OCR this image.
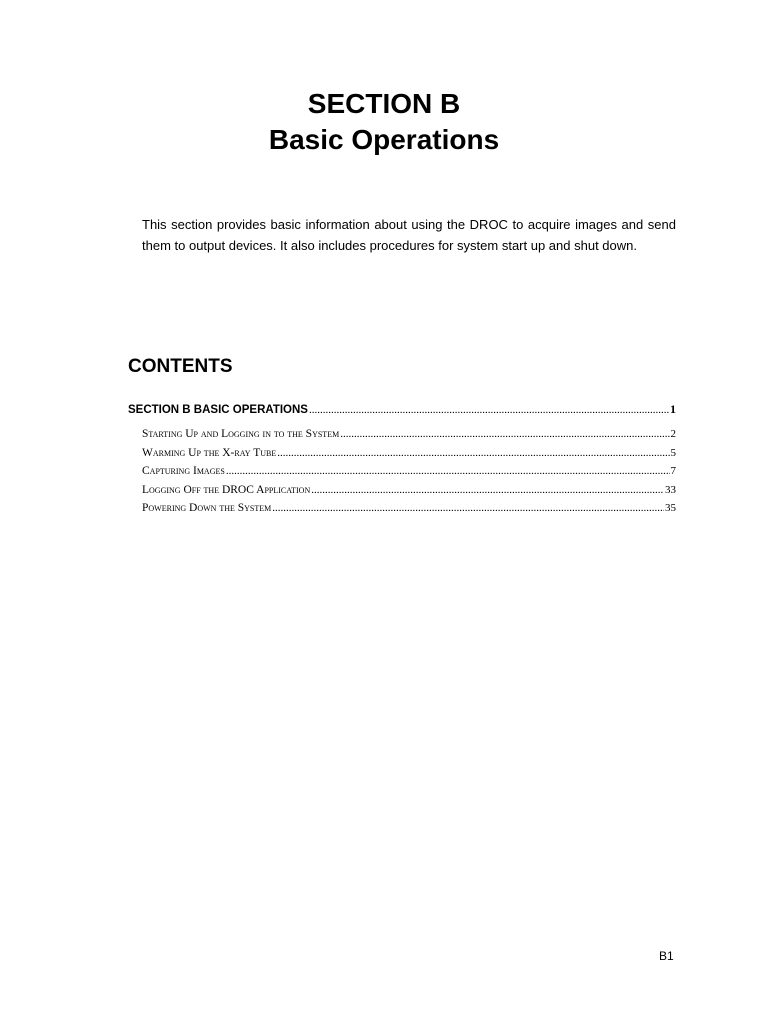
SECTION B
Basic Operations

This section provides basic information about using the DROC to acquire images and send them to output devices. It also includes procedures for system start up and shut down.

CONTENTS
SECTION B BASIC OPERATIONS .....	1
Starting Up and Logging in to the System .....	2
Warming Up the X-ray Tube .....	5
Capturing Images .....	7
Logging Off the DROC Application .....	33
Powering Down the System .....	35
B1
